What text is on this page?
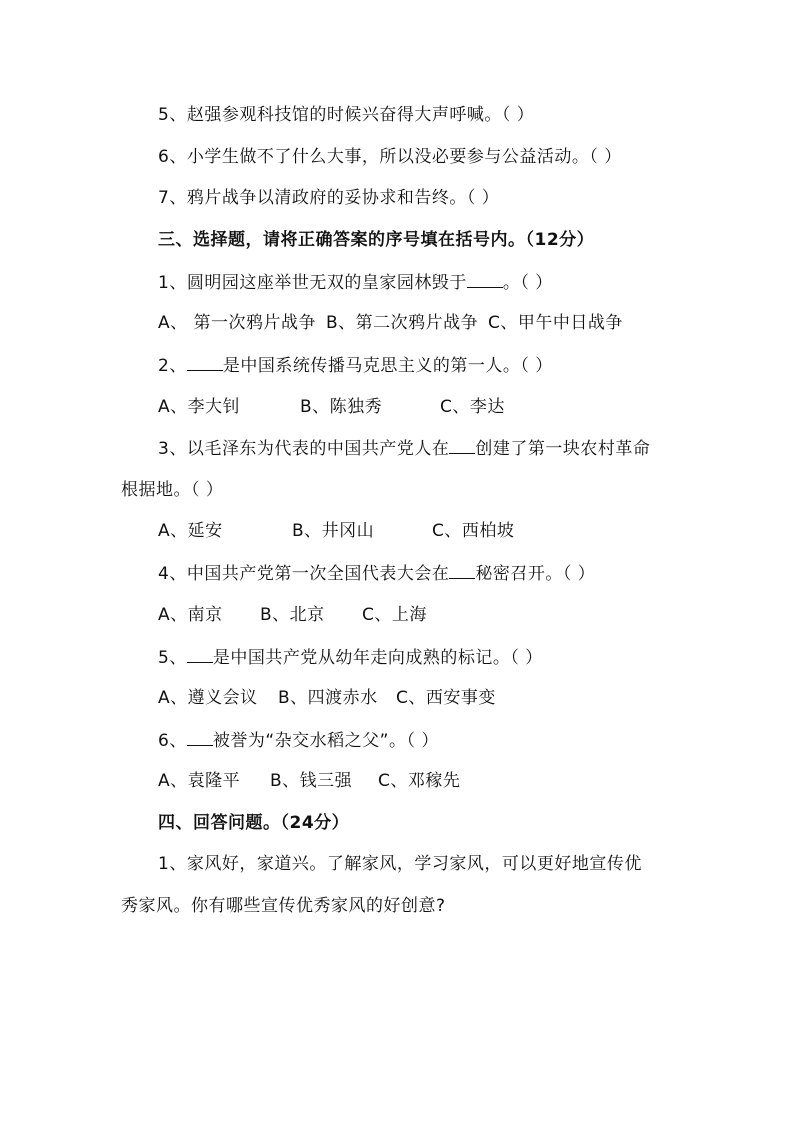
5、赵强参观科技馆的时候兴奋得大声呼喊。（ ）
6、小学生做不了什么大事，所以没必要参与公益活动。（ ）
7、鸦片战争以清政府的妥协求和告终。（ ）
三、选择题，请将正确答案的序号填在括号内。（12分）
1、圆明园这座举世无双的皇家园林毁于 。（ ）
A、 第一次鸦片战争 B、第二次鸦片战争 C、甲午中日战争
2、 是中国系统传播马克思主义的第一人。（ ）
A、李大钊	B、陈独秀	C、李达
3、以毛泽东为代表的中国共产党人在 创建了第一块农村革命
根据地。（ ）
A、延安	B、井冈山	C、西柏坡
4、中国共产党第一次全国代表大会在 秘密召开。（ ）
A、南京 B、北京 C、上海
5、 是中国共产党从幼年走向成熟的标记。（ ）
A、遵义会议 B、四渡赤水 C、西安事变
6、 被誉为“杂交水稻之父”。（ ）
A、袁隆平 B、钱三强 C、邓稼先
四、回答问题。（24分）
1、家风好，家道兴。了解家风，学习家风，可以更好地宣传优
秀家风。你有哪些宣传优秀家风的好创意?
